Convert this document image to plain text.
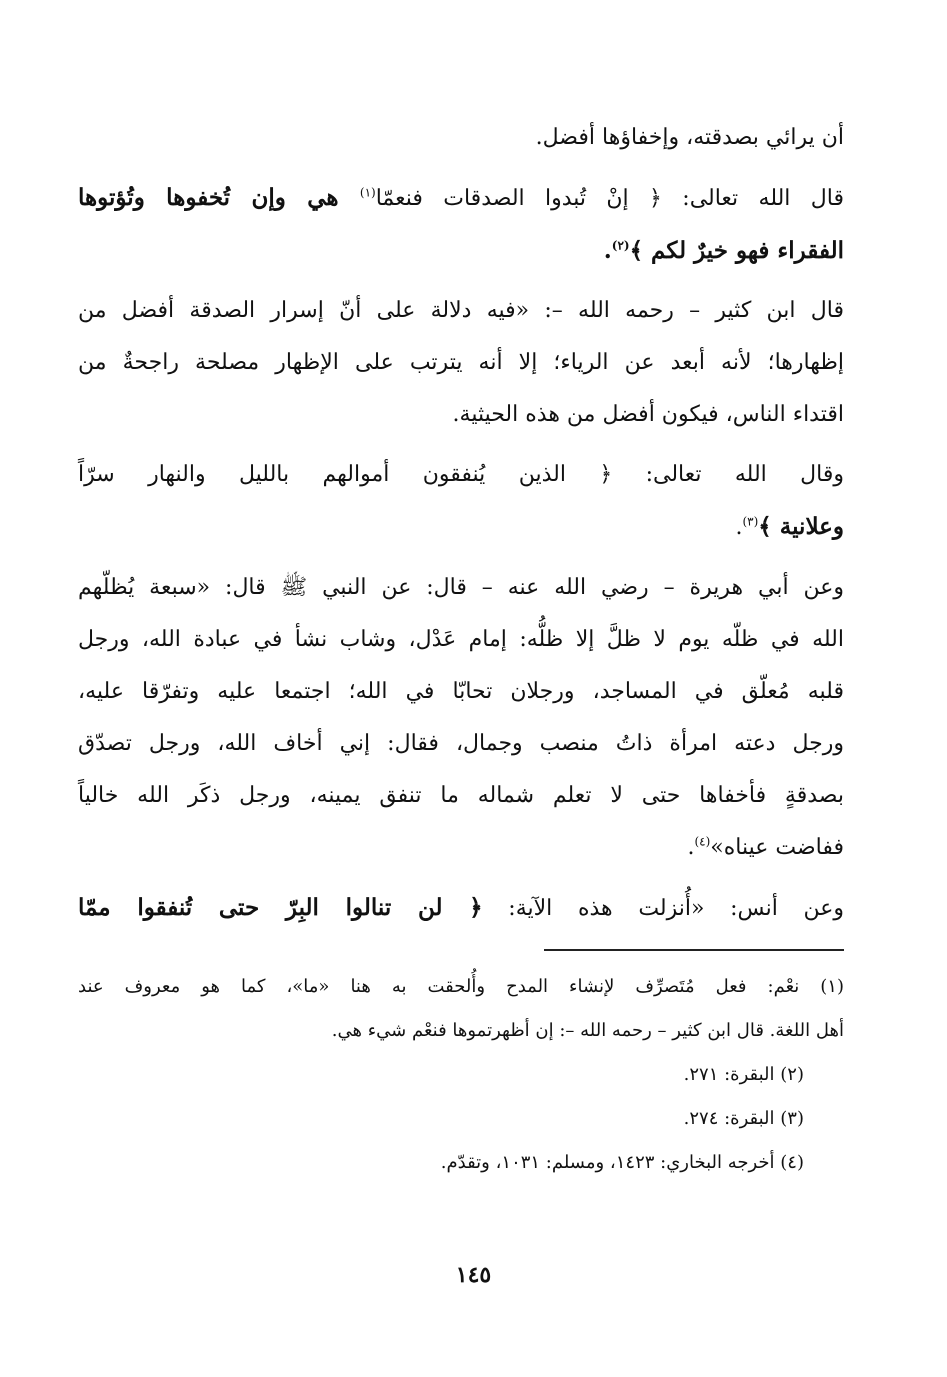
أن يرائي بصدقته، وإخفاؤها أفضل.

قال الله تعالى: ﴿ إنْ تُبدوا الصدقات فنعمّا$^{(١)}$ هي وإن تُخفوها وتُؤتوها

الفقراء فهو خيرٌ لكم ﴾$^{(٢)}$.

قال ابن كثير – رحمه الله –: «فيه دلالة على أنّ إسرار الصدقة أفضل من

إظهارها؛ لأنه أبعد عن الرياء؛ إلا أنه يترتب على الإظهار مصلحة راجحةٌ من

اقتداء الناس، فيكون أفضل من هذه الحيثية.

وقال الله تعالى: ﴿ الذين يُنفقون أموالهم بالليل والنهار سرّاً

وعلانية ﴾$^{(٣)}$.

وعن أبي هريرة – رضي الله عنه – قال: عن النبي ﷺ قال: «سبعة يُظلّهم

الله في ظلّه يوم لا ظلَّ إلا ظلُّه: إمام عَدْل، وشاب نشأ في عبادة الله، ورجل

قلبه مُعلّق في المساجد، ورجلان تحابّا في الله؛ اجتمعا عليه وتفرّقا عليه،

ورجل دعته امرأة ذاتُ منصب وجمال، فقال: إني أخاف الله، ورجل تصدّق

بصدقةٍ فأخفاها حتى لا تعلم شماله ما تنفق يمينه، ورجل ذكَر الله خالياً

ففاضت عيناه»$^{(٤)}$.

وعن أنس: «أُنزلت هذه الآية: ﴿ لن تنالوا البِرّ حتى تُنفقوا ممّا

(١) نعْم: فعل مُتَصرِّف لإنشاء المدح وأُلحقت به هنا «ما»، كما هو معروف عند

أهل اللغة. قال ابن كثير – رحمه الله –: إن أظهرتموها فنعْم شيء هي.

(٢) البقرة: ٢٧١.

(٣) البقرة: ٢٧٤.

(٤) أخرجه البخاري: ١٤٢٣، ومسلم: ١٠٣١، وتقدّم.

١٤٥
